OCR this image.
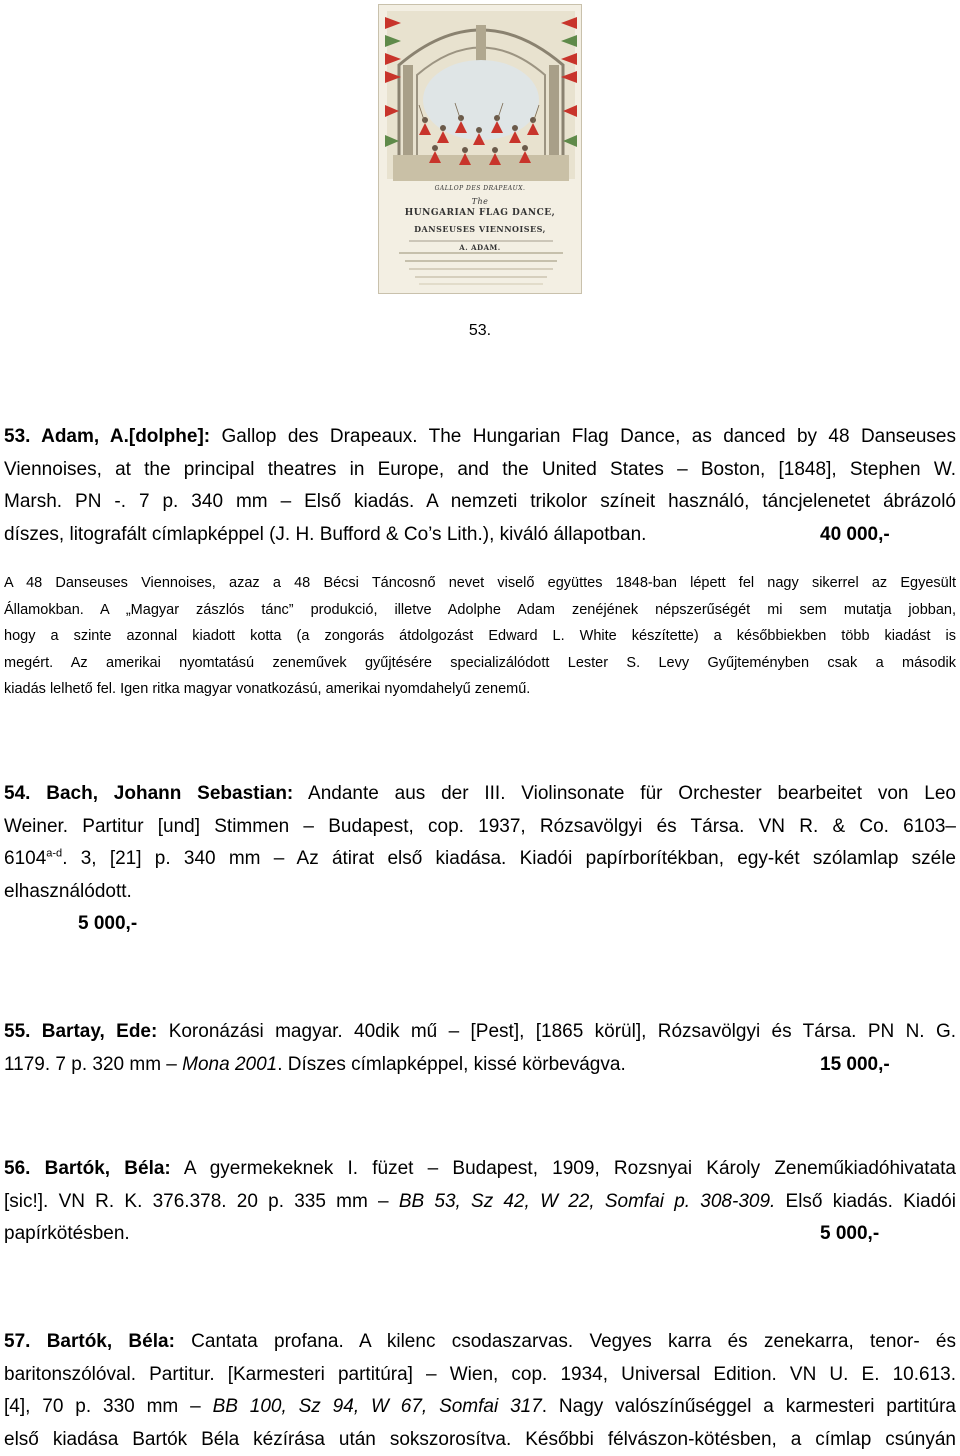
GALLOP DES DRAPEAUX.
The
HUNGARIAN FLAG DANCE,
DANSEUSES VIENNOISES,
A. ADAM.
53.
53. Adam, A.[dolphe]: Gallop des Drapeaux. The Hungarian Flag Dance, as danced by 48 Danseuses
Viennoises, at the principal theatres in Europe, and the United States – Boston, [1848], Stephen W.
Marsh. PN -. 7 p. 340 mm – Első kiadás. A nemzeti trikolor színeit használó, táncjelenetet ábrázoló
díszes, litografált címlapképpel (J. H. Bufford & Co’s Lith.), kiváló állapotban.	40 000,-
A 48 Danseuses Viennoises, azaz a 48 Bécsi Táncosnő nevet viselő együttes 1848-ban lépett fel nagy sikerrel az Egyesült
Államokban. A „Magyar zászlós tánc” produkció, illetve Adolphe Adam zenéjének népszerűségét mi sem mutatja jobban,
hogy a szinte azonnal kiadott kotta (a zongorás átdolgozást Edward L. White készítette) a későbbiekben több kiadást is
megért. Az amerikai nyomtatású zeneművek gyűjtésére specializálódott Lester S. Levy Gyűjteményben csak a második
kiadás lelhető fel. Igen ritka magyar vonatkozású, amerikai nyomdahelyű zenemű.
54. Bach, Johann Sebastian: Andante aus der III. Violinsonate für Orchester bearbeitet von Leo
Weiner. Partitur [und] Stimmen – Budapest, cop. 1937, Rózsavölgyi és Társa. VN R. & Co. 6103–
6104$^{a-d}$. 3, [21] p. 340 mm – Az átirat első kiadása. Kiadói papírborítékban, egy-két szólamlap széle
elhasználódott.
5 000,-
55. Bartay, Ede: Koronázási magyar. 40dik mű – [Pest], [1865 körül], Rózsavölgyi és Társa. PN N. G.
1179. 7 p. 320 mm – Mona 2001. Díszes címlapképpel, kissé körbevágva.	15 000,-
56. Bartók, Béla: A gyermekeknek I. füzet – Budapest, 1909, Rozsnyai Károly Zeneműkiadóhivatata
[sic!]. VN R. K. 376.378. 20 p. 335 mm – BB 53, Sz 42, W 22, Somfai p. 308-309. Első kiadás. Kiadói
papírkötésben.	5 000,-
57. Bartók, Béla: Cantata profana. A kilenc csodaszarvas. Vegyes karra és zenekarra, tenor- és
baritonszólóval. Partitur. [Karmesteri partitúra] – Wien, cop. 1934, Universal Edition. VN U. E. 10.613.
[4], 70 p. 330 mm – BB 100, Sz 94, W 67, Somfai 317. Nagy valószínűséggel a karmesteri partitúra
első kiadása Bartók Béla kézírása után sokszorosítva. Későbbi félvászon-kötésben, a címlap csúnyán
